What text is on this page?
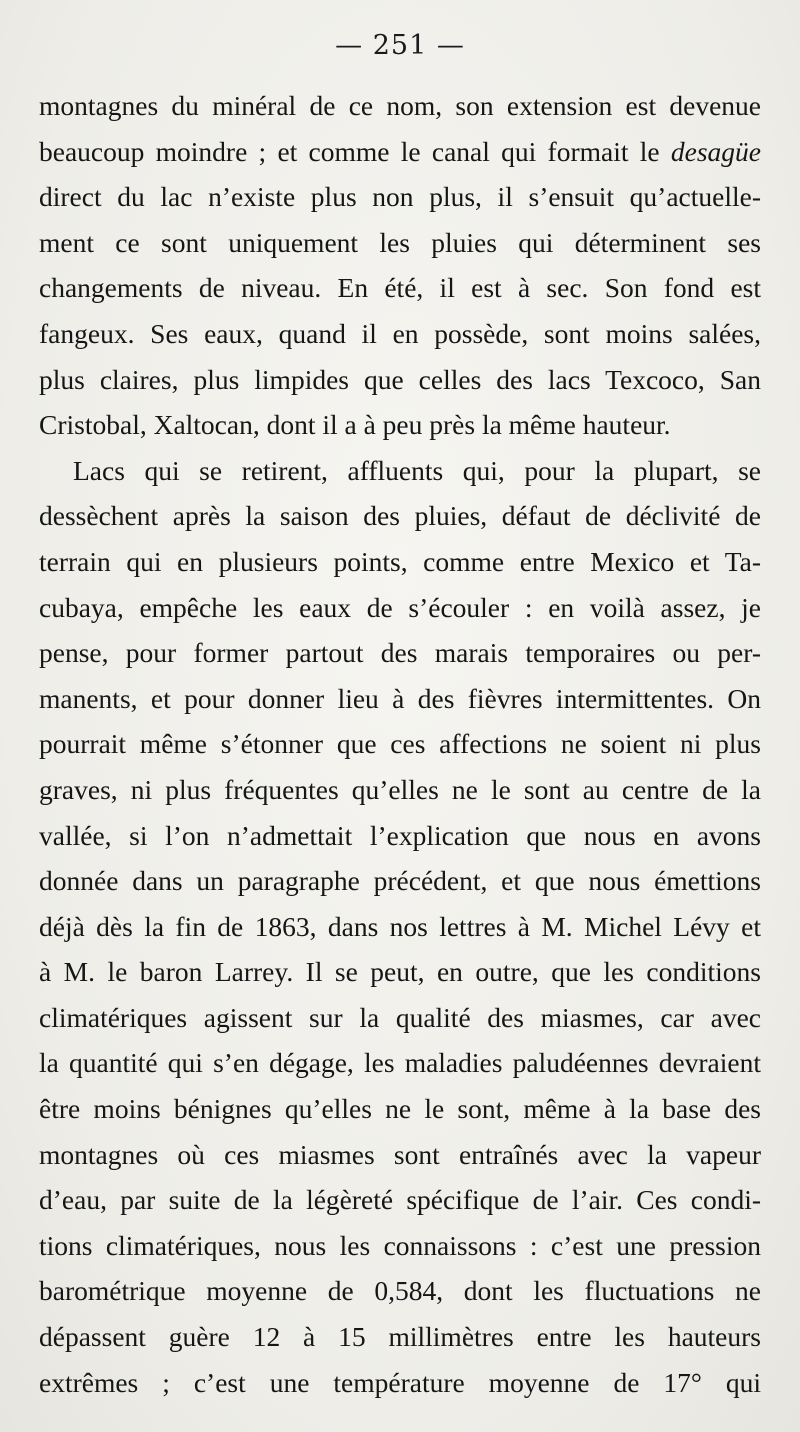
— 251 —
montagnes du minéral de ce nom, son extension est devenue
beaucoup moindre ; et comme le canal qui formait le desagüe
direct du lac n’existe plus non plus, il s’ensuit qu’actuelle-
ment ce sont uniquement les pluies qui déterminent ses
changements de niveau. En été, il est à sec. Son fond est
fangeux. Ses eaux, quand il en possède, sont moins salées,
plus claires, plus limpides que celles des lacs Texcoco, San
Cristobal, Xaltocan, dont il a à peu près la même hauteur.
Lacs qui se retirent, affluents qui, pour la plupart, se
dessèchent après la saison des pluies, défaut de déclivité de
terrain qui en plusieurs points, comme entre Mexico et Ta-
cubaya, empêche les eaux de s’écouler : en voilà assez, je
pense, pour former partout des marais temporaires ou per-
manents, et pour donner lieu à des fièvres intermittentes. On
pourrait même s’étonner que ces affections ne soient ni plus
graves, ni plus fréquentes qu’elles ne le sont au centre de la
vallée, si l’on n’admettait l’explication que nous en avons
donnée dans un paragraphe précédent, et que nous émettions
déjà dès la fin de 1863, dans nos lettres à M. Michel Lévy et
à M. le baron Larrey. Il se peut, en outre, que les conditions
climatériques agissent sur la qualité des miasmes, car avec
la quantité qui s’en dégage, les maladies paludéennes devraient
être moins bénignes qu’elles ne le sont, même à la base des
montagnes où ces miasmes sont entraînés avec la vapeur
d’eau, par suite de la légèreté spécifique de l’air. Ces condi-
tions climatériques, nous les connaissons : c’est une pression
barométrique moyenne de 0,584, dont les fluctuations ne
dépassent guère 12 à 15 millimètres entre les hauteurs
extrêmes ; c’est une température moyenne de 17° qui
